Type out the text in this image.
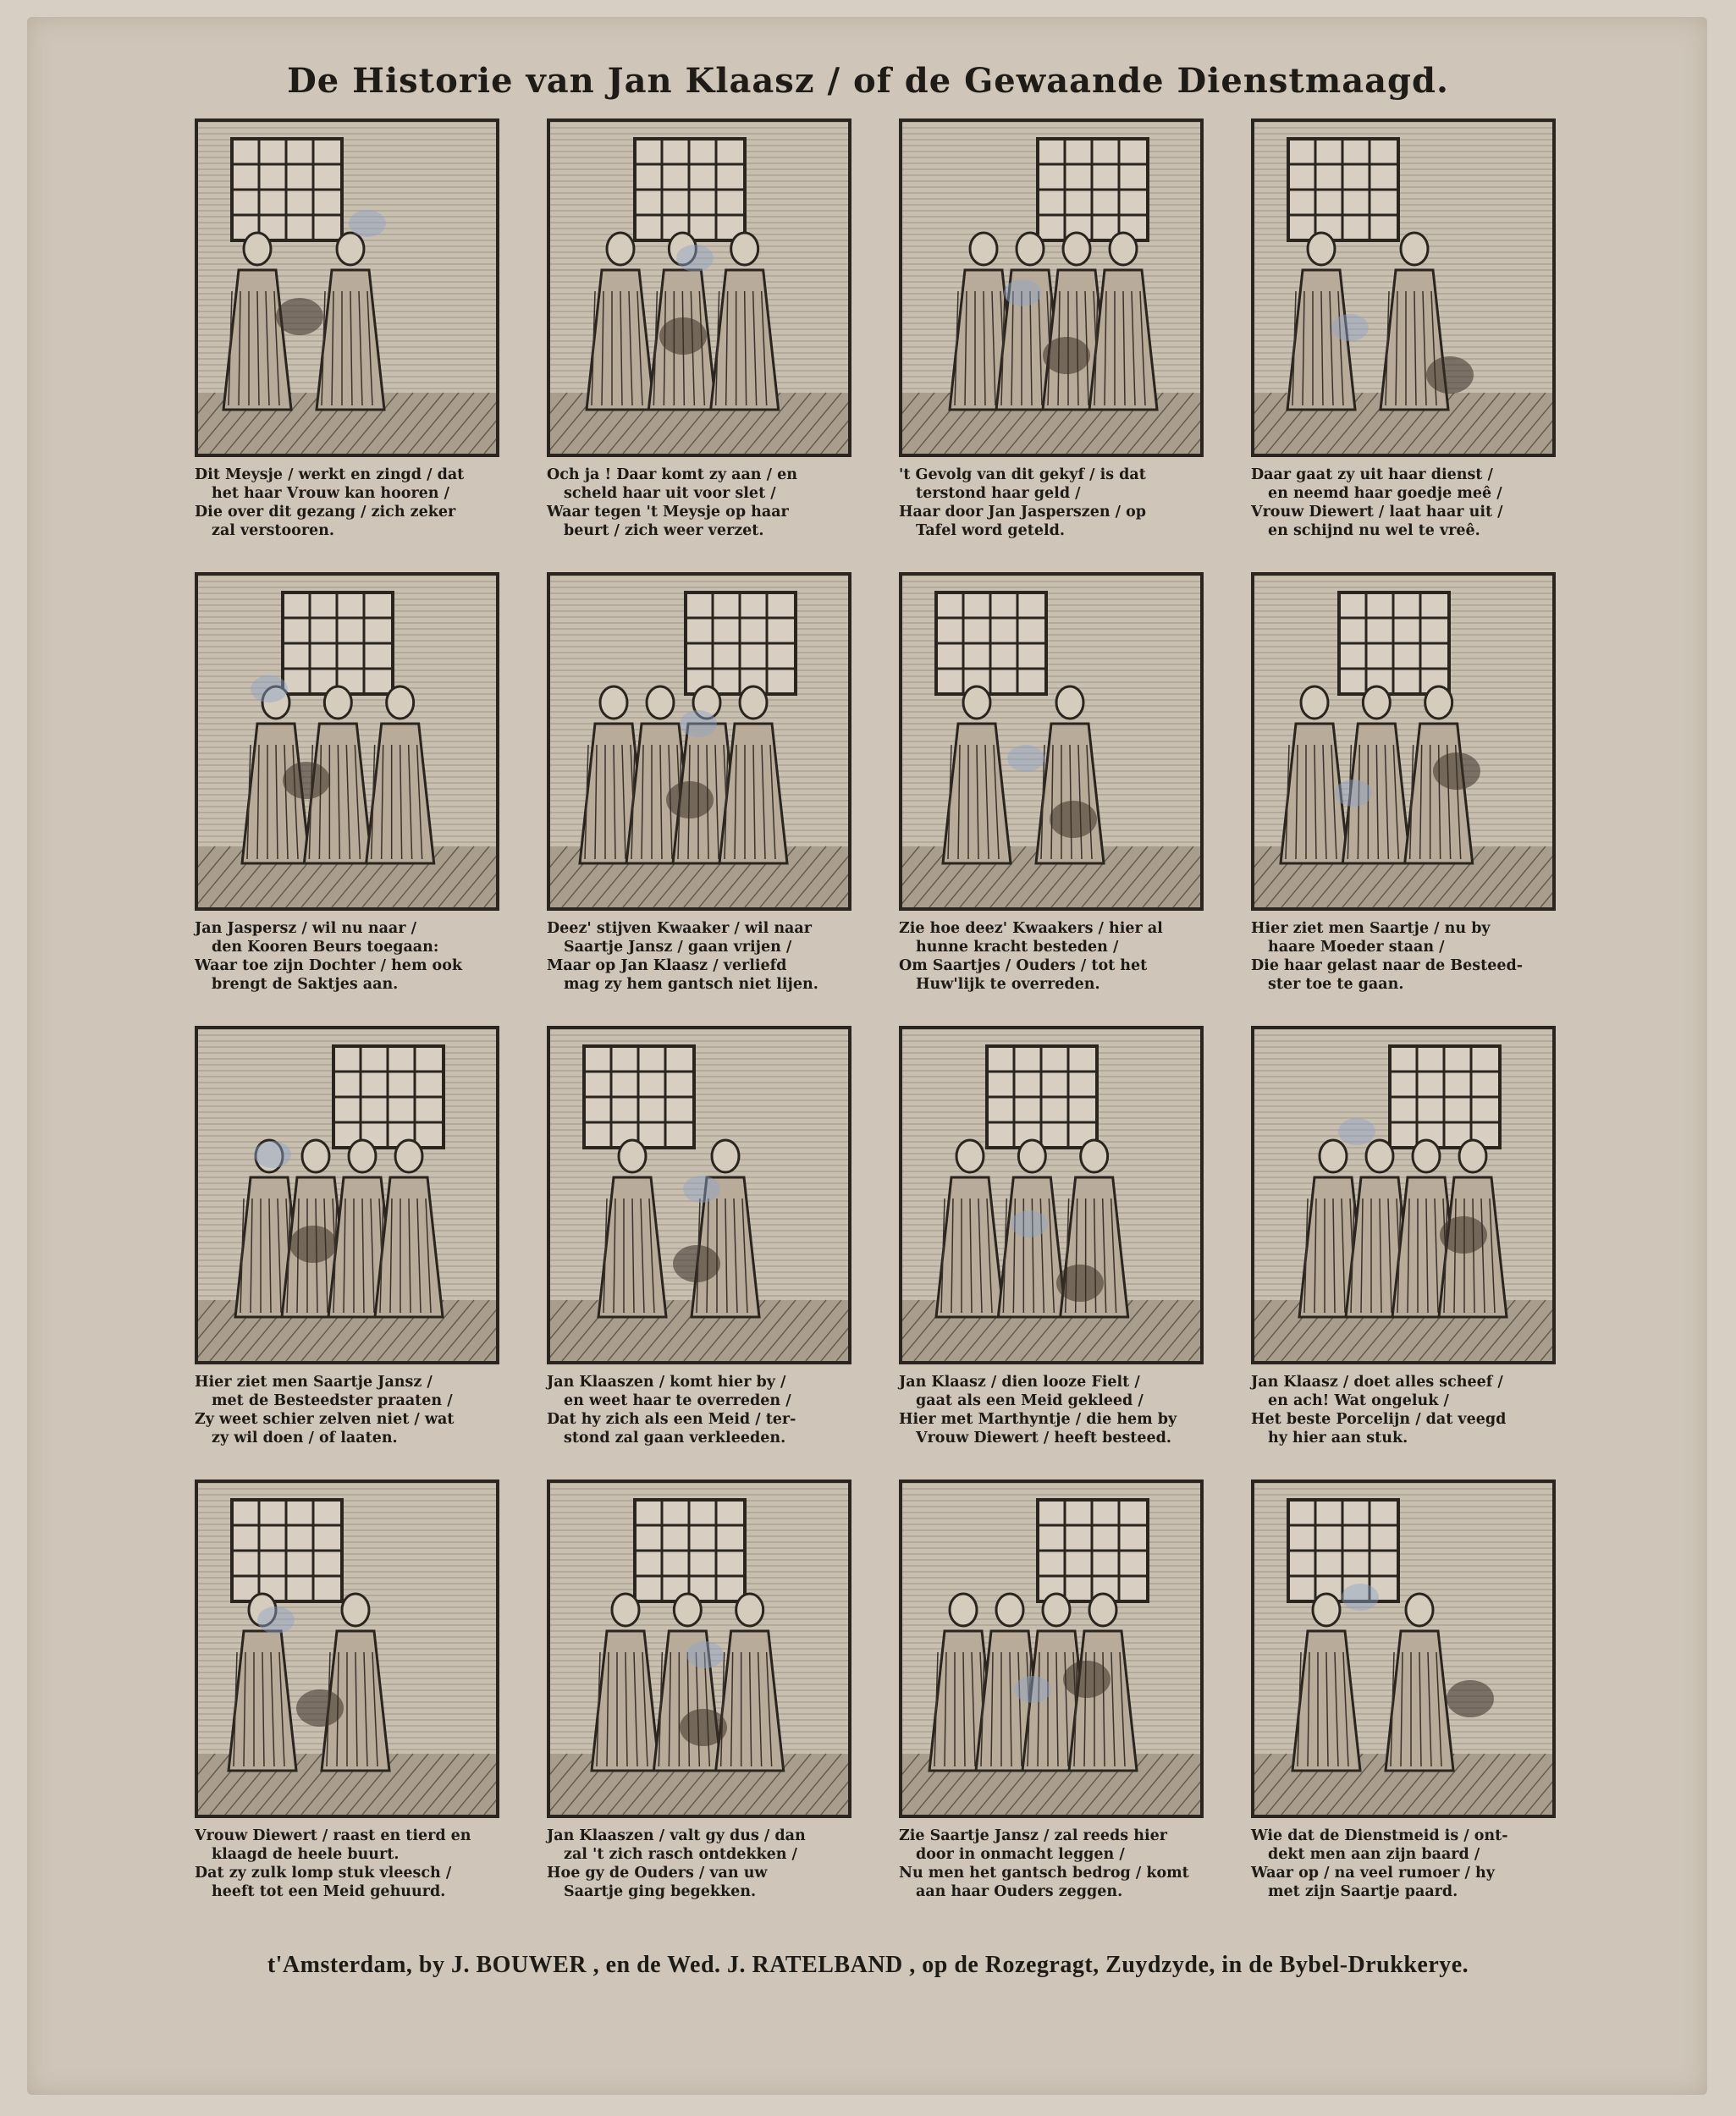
De Historie van Jan Klaasz / of de Gewaande Dienstmaagd.
Dit Meysje / werkt en zingd / dat
het haar Vrouw kan hooren /
Die over dit gezang / zich zeker
zal verstooren.
Och ja ! Daar komt zy aan / en
scheld haar uit voor slet /
Waar tegen 't Meysje op haar
beurt / zich weer verzet.
't Gevolg van dit gekyf / is dat
terstond haar geld /
Haar door Jan Jasperszen / op
Tafel word geteld.
Daar gaat zy uit haar dienst /
en neemd haar goedje meê /
Vrouw Diewert / laat haar uit /
en schijnd nu wel te vreê.
Jan Jaspersz / wil nu naar /
den Kooren Beurs toegaan:
Waar toe zijn Dochter / hem ook
brengt de Saktjes aan.
Deez' stijven Kwaaker / wil naar
Saartje Jansz / gaan vrijen /
Maar op Jan Klaasz / verliefd
mag zy hem gantsch niet lijen.
Zie hoe deez' Kwaakers / hier al
hunne kracht besteden /
Om Saartjes / Ouders / tot het
Huw'lijk te overreden.
Hier ziet men Saartje / nu by
haare Moeder staan /
Die haar gelast naar de Besteed-
ster toe te gaan.
Hier ziet men Saartje Jansz /
met de Besteedster praaten /
Zy weet schier zelven niet / wat
zy wil doen / of laaten.
Jan Klaaszen / komt hier by /
en weet haar te overreden /
Dat hy zich als een Meid / ter-
stond zal gaan verkleeden.
Jan Klaasz / dien looze Fielt /
gaat als een Meid gekleed /
Hier met Marthyntje / die hem by
Vrouw Diewert / heeft besteed.
Jan Klaasz / doet alles scheef /
en ach! Wat ongeluk /
Het beste Porcelijn / dat veegd
hy hier aan stuk.
Vrouw Diewert / raast en tierd en
klaagd de heele buurt.
Dat zy zulk lomp stuk vleesch /
heeft tot een Meid gehuurd.
Jan Klaaszen / valt gy dus / dan
zal 't zich rasch ontdekken /
Hoe gy de Ouders / van uw
Saartje ging begekken.
Zie Saartje Jansz / zal reeds hier
door in onmacht leggen /
Nu men het gantsch bedrog / komt
aan haar Ouders zeggen.
Wie dat de Dienstmeid is / ont-
dekt men aan zijn baard /
Waar op / na veel rumoer / hy
met zijn Saartje paard.
t'Amsterdam, by J. BOUWER , en de Wed. J. RATELBAND , op de Rozegragt, Zuydzyde, in de Bybel-Drukkerye.
